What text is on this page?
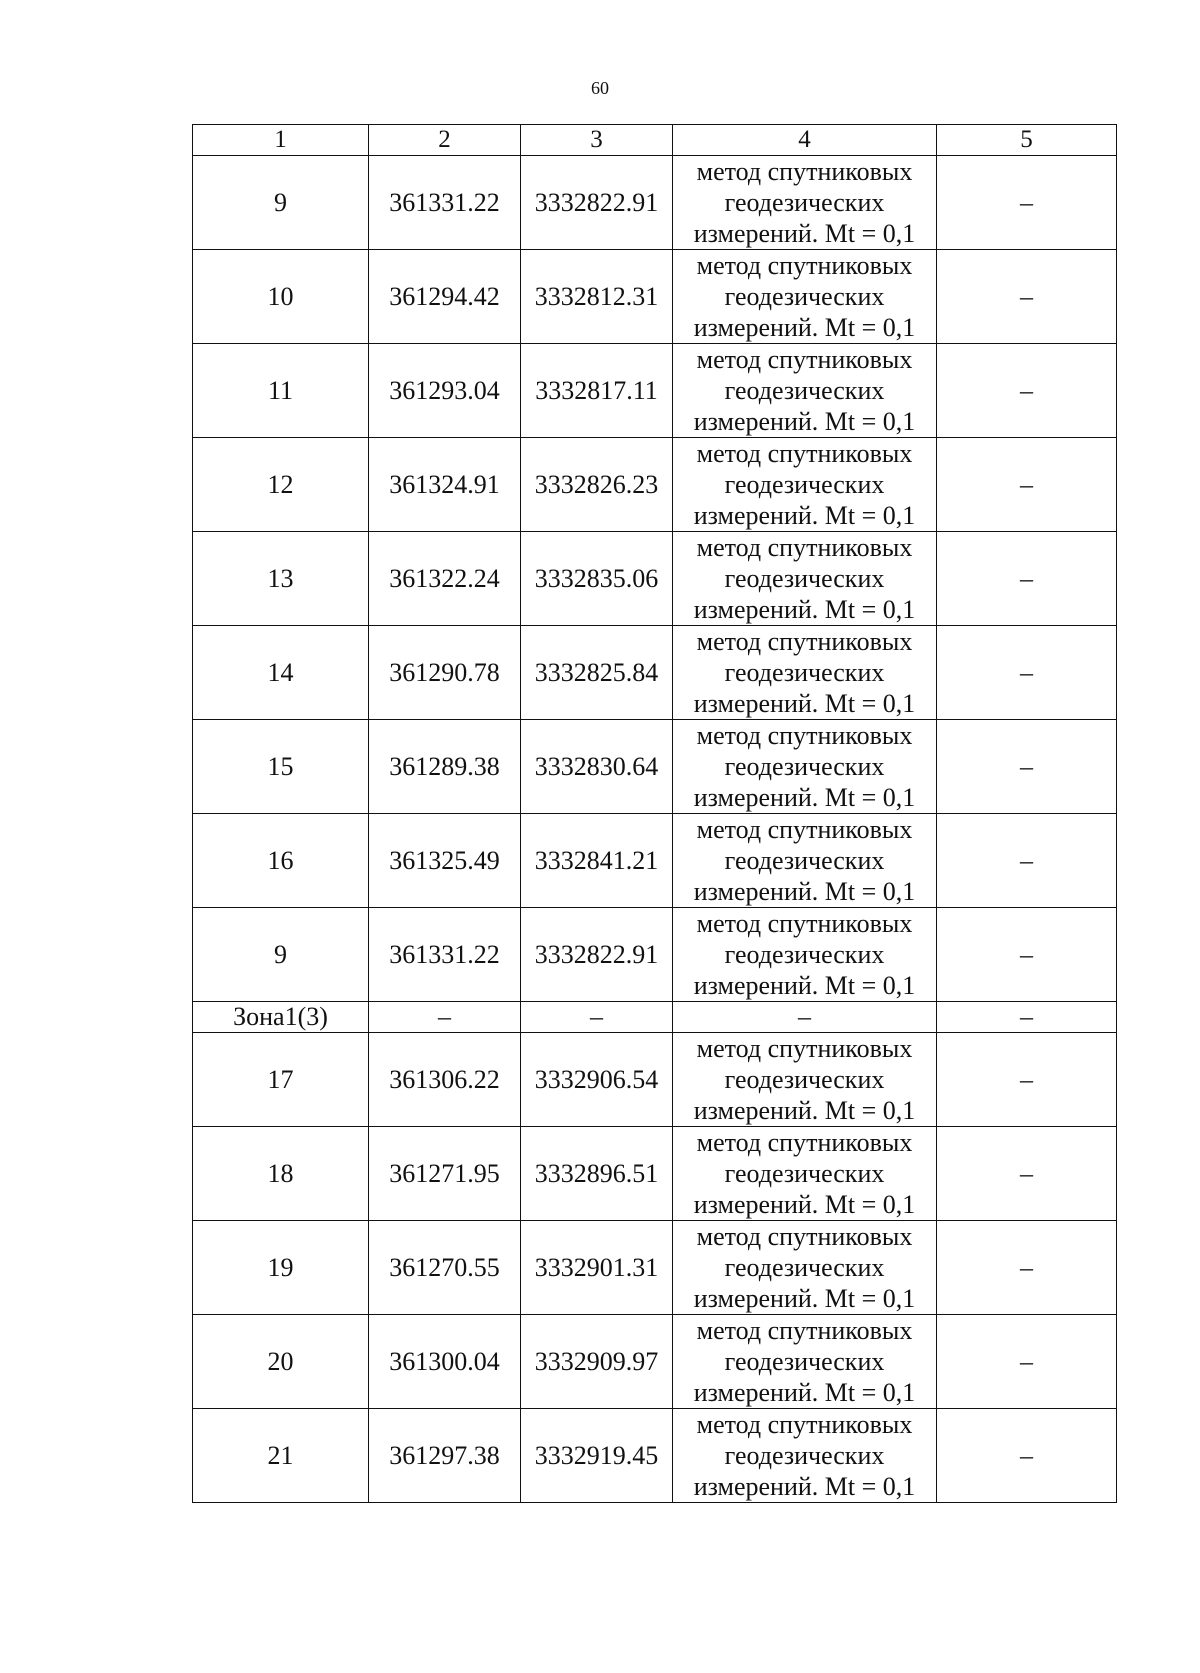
60
1	2	3	4	5
9	361331.22	3332822.91	метод спутниковых
геодезических
измерений. Mt = 0,1	–
10	361294.42	3332812.31	метод спутниковых
геодезических
измерений. Mt = 0,1	–
11	361293.04	3332817.11	метод спутниковых
геодезических
измерений. Mt = 0,1	–
12	361324.91	3332826.23	метод спутниковых
геодезических
измерений. Mt = 0,1	–
13	361322.24	3332835.06	метод спутниковых
геодезических
измерений. Mt = 0,1	–
14	361290.78	3332825.84	метод спутниковых
геодезических
измерений. Mt = 0,1	–
15	361289.38	3332830.64	метод спутниковых
геодезических
измерений. Mt = 0,1	–
16	361325.49	3332841.21	метод спутниковых
геодезических
измерений. Mt = 0,1	–
9	361331.22	3332822.91	метод спутниковых
геодезических
измерений. Mt = 0,1	–
Зона1(3)	–	–	–	–
17	361306.22	3332906.54	метод спутниковых
геодезических
измерений. Mt = 0,1	–
18	361271.95	3332896.51	метод спутниковых
геодезических
измерений. Mt = 0,1	–
19	361270.55	3332901.31	метод спутниковых
геодезических
измерений. Mt = 0,1	–
20	361300.04	3332909.97	метод спутниковых
геодезических
измерений. Mt = 0,1	–
21	361297.38	3332919.45	метод спутниковых
геодезических
измерений. Mt = 0,1	–
